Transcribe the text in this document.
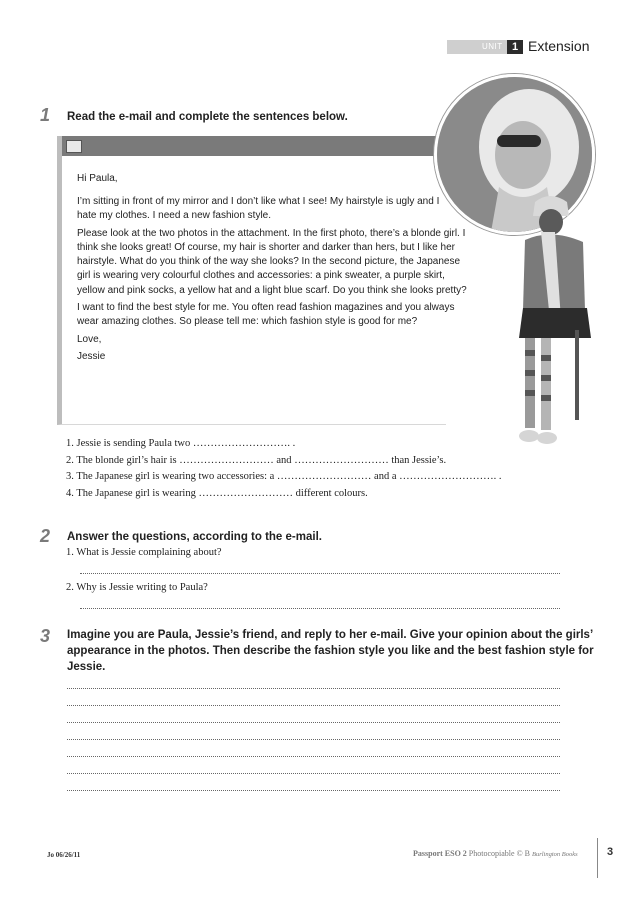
UNIT 1 Extension
1 Read the e-mail and complete the sentences below.

Hi Paula,

I’m sitting in front of my mirror and I don’t like what I see! My hairstyle is ugly and I hate my clothes. I need a new fashion style.

Please look at the two photos in the attachment. In the first photo, there’s a blonde girl. I think she looks great! Of course, my hair is shorter and darker than hers, but I like her hairstyle. What do you think of the way she looks? In the second picture, the Japanese girl is wearing very colourful clothes and accessories: a pink sweater, a purple skirt, yellow and pink socks, a yellow hat and a light blue scarf. Do you think she looks pretty?

I want to find the best style for me. You often read fashion magazines and you always wear amazing clothes. So please tell me: which fashion style is good for me?

Love,

Jessie

1. Jessie is sending Paula two ………………………. .
2. The blonde girl’s hair is ……………………… and ……………………… than Jessie’s.
3. The Japanese girl is wearing two accessories: a ……………………… and a ………………………. .
4. The Japanese girl is wearing ……………………… different colours.
2 Answer the questions, according to the e-mail.
1. What is Jessie complaining about?
2. Why is Jessie writing to Paula?
3 Imagine you are Paula, Jessie’s friend, and reply to her e-mail. Give your opinion about the girls’ appearance in the photos. Then describe the fashion style you like and the best fashion style for Jessie.
Jo 06/26/11	Passport ESO 2 Photocopiable © B Burlington Books	3
